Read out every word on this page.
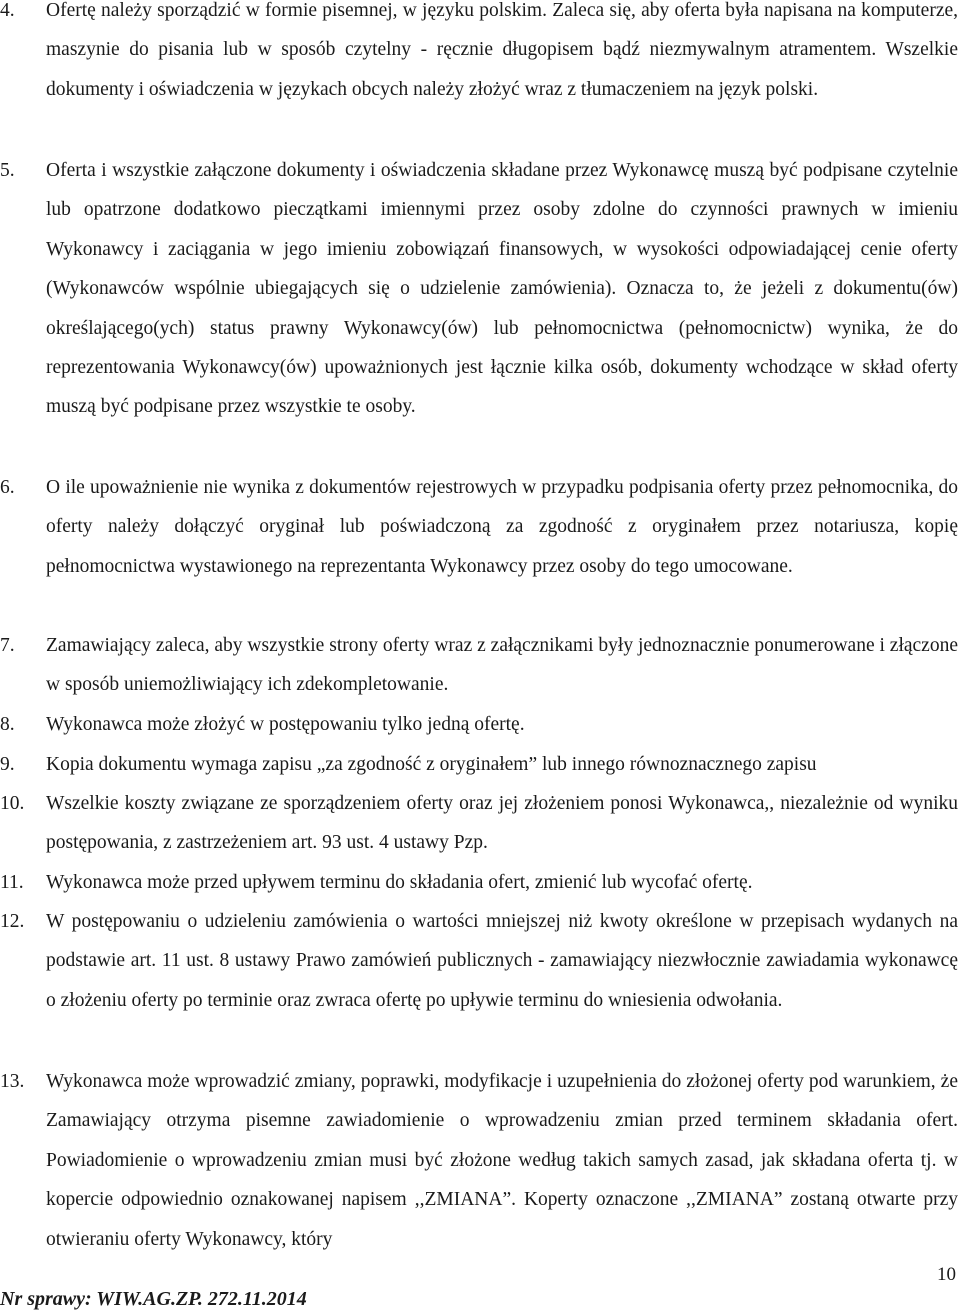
4. Ofertę należy sporządzić w formie pisemnej, w języku polskim. Zaleca się, aby oferta była napisana na komputerze, maszynie do pisania lub w sposób czytelny - ręcznie długopisem bądź niezmywalnym atramentem. Wszelkie dokumenty i oświadczenia w językach obcych należy złożyć wraz z tłumaczeniem na język polski.
5. Oferta i wszystkie załączone dokumenty i oświadczenia składane przez Wykonawcę muszą być podpisane czytelnie lub opatrzone dodatkowo pieczątkami imiennymi przez osoby zdolne do czynności prawnych w imieniu Wykonawcy i zaciągania w jego imieniu zobowiązań finansowych, w wysokości odpowiadającej cenie oferty (Wykonawców wspólnie ubiegających się o udzielenie zamówienia). Oznacza to, że jeżeli z dokumentu(ów) określającego(ych) status prawny Wykonawcy(ów) lub pełnomocnictwa (pełnomocnictw) wynika, że do reprezentowania Wykonawcy(ów) upoważnionych jest łącznie kilka osób, dokumenty wchodzące w skład oferty muszą być podpisane przez wszystkie te osoby.
6. O ile upoważnienie nie wynika z dokumentów rejestrowych w przypadku podpisania oferty przez pełnomocnika, do oferty należy dołączyć oryginał lub poświadczoną za zgodność z oryginałem przez notariusza, kopię pełnomocnictwa wystawionego na reprezentanta Wykonawcy przez osoby do tego umocowane.
7. Zamawiający zaleca, aby wszystkie strony oferty wraz z załącznikami były jednoznacznie ponumerowane i złączone w sposób uniemożliwiający ich zdekompletowanie.
8. Wykonawca może złożyć w postępowaniu tylko jedną ofertę.
9. Kopia dokumentu wymaga zapisu „za zgodność z oryginałem” lub innego równoznacznego zapisu
10. Wszelkie koszty związane ze sporządzeniem oferty oraz jej złożeniem ponosi Wykonawca,, niezależnie od wyniku postępowania, z zastrzeżeniem art. 93 ust. 4 ustawy Pzp.
11. Wykonawca może przed upływem terminu do składania ofert, zmienić lub wycofać ofertę.
12. W postępowaniu o udzieleniu zamówienia o wartości mniejszej niż kwoty określone w przepisach wydanych na podstawie art. 11 ust. 8 ustawy Prawo zamówień publicznych - zamawiający niezwłocznie zawiadamia wykonawcę o złożeniu oferty po terminie oraz zwraca ofertę po upływie terminu do wniesienia odwołania.
13. Wykonawca może wprowadzić zmiany, poprawki, modyfikacje i uzupełnienia do złożonej oferty pod warunkiem, że Zamawiający otrzyma pisemne zawiadomienie o wprowadzeniu zmian przed terminem składania ofert. Powiadomienie o wprowadzeniu zmian musi być złożone według takich samych zasad, jak składana oferta tj. w kopercie odpowiednio oznakowanej napisem ,,ZMIANA”. Koperty oznaczone ,,ZMIANA” zostaną otwarte przy otwieraniu oferty Wykonawcy, który
Nr sprawy: WIW.AG.ZP. 272.11.2014
10
